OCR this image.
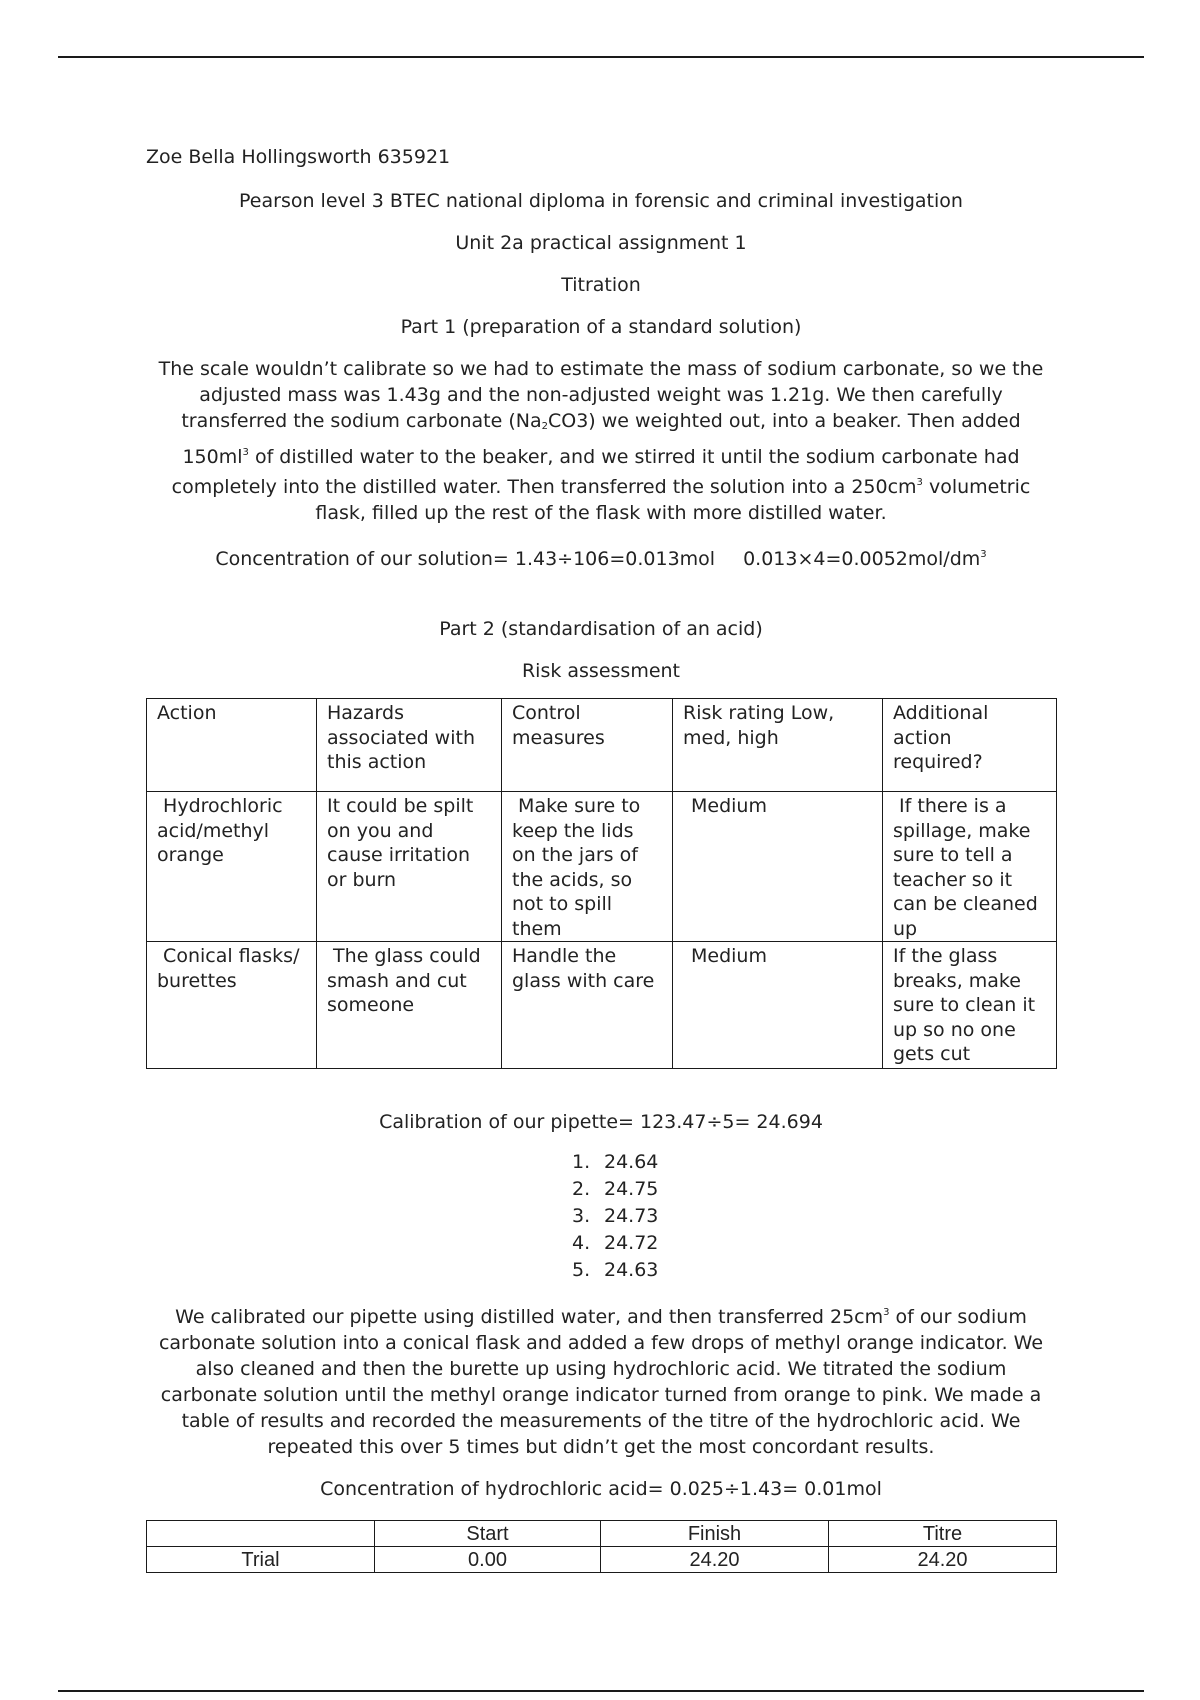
Zoe Bella Hollingsworth 635921

Pearson level 3 BTEC national diploma in forensic and criminal investigation

Unit 2a practical assignment 1

Titration

Part 1 (preparation of a standard solution)

The scale wouldn’t calibrate so we had to estimate the mass of sodium carbonate, so we the adjusted mass was 1.43g and the non-adjusted weight was 1.21g. We then carefully transferred the sodium carbonate $(Na_2CO3)$ we weighted out, into a beaker. Then added $150ml^3$ of distilled water to the beaker, and we stirred it until the sodium carbonate had completely into the distilled water. Then transferred the solution into a $250cm^3$ volumetric flask, filled up the rest of the flask with more distilled water.

Concentration of our solution= 1.43÷106=0.013mol $0.013\times 4=0.0052mol/dm^3$

Part 2 (standardisation of an acid)

Risk assessment

Action	Hazards associated with this action	Control measures	Risk rating Low, med, high	Additional action required?
Hydrochloric acid/methyl orange	It could be spilt on you and cause irritation or burn	Make sure to keep the lids on the jars of the acids, so not to spill them	Medium	If there is a spillage, make sure to tell a teacher so it can be cleaned up
Conical flasks/ burettes	The glass could smash and cut someone	Handle the glass with care	Medium	If the glass breaks, make sure to clean it up so no one gets cut

Calibration of our pipette= 123.47÷5= 24.694

1. 24.64
2. 24.75
3. 24.73
4. 24.72
5. 24.63

We calibrated our pipette using distilled water, and then transferred $25cm^3$ of our sodium carbonate solution into a conical flask and added a few drops of methyl orange indicator. We also cleaned and then the burette up using hydrochloric acid. We titrated the sodium carbonate solution until the methyl orange indicator turned from orange to pink. We made a table of results and recorded the measurements of the titre of the hydrochloric acid. We repeated this over 5 times but didn’t get the most concordant results.

Concentration of hydrochloric acid= 0.025÷1.43= 0.01mol

	Start	Finish	Titre
Trial	0.00	24.20	24.20
